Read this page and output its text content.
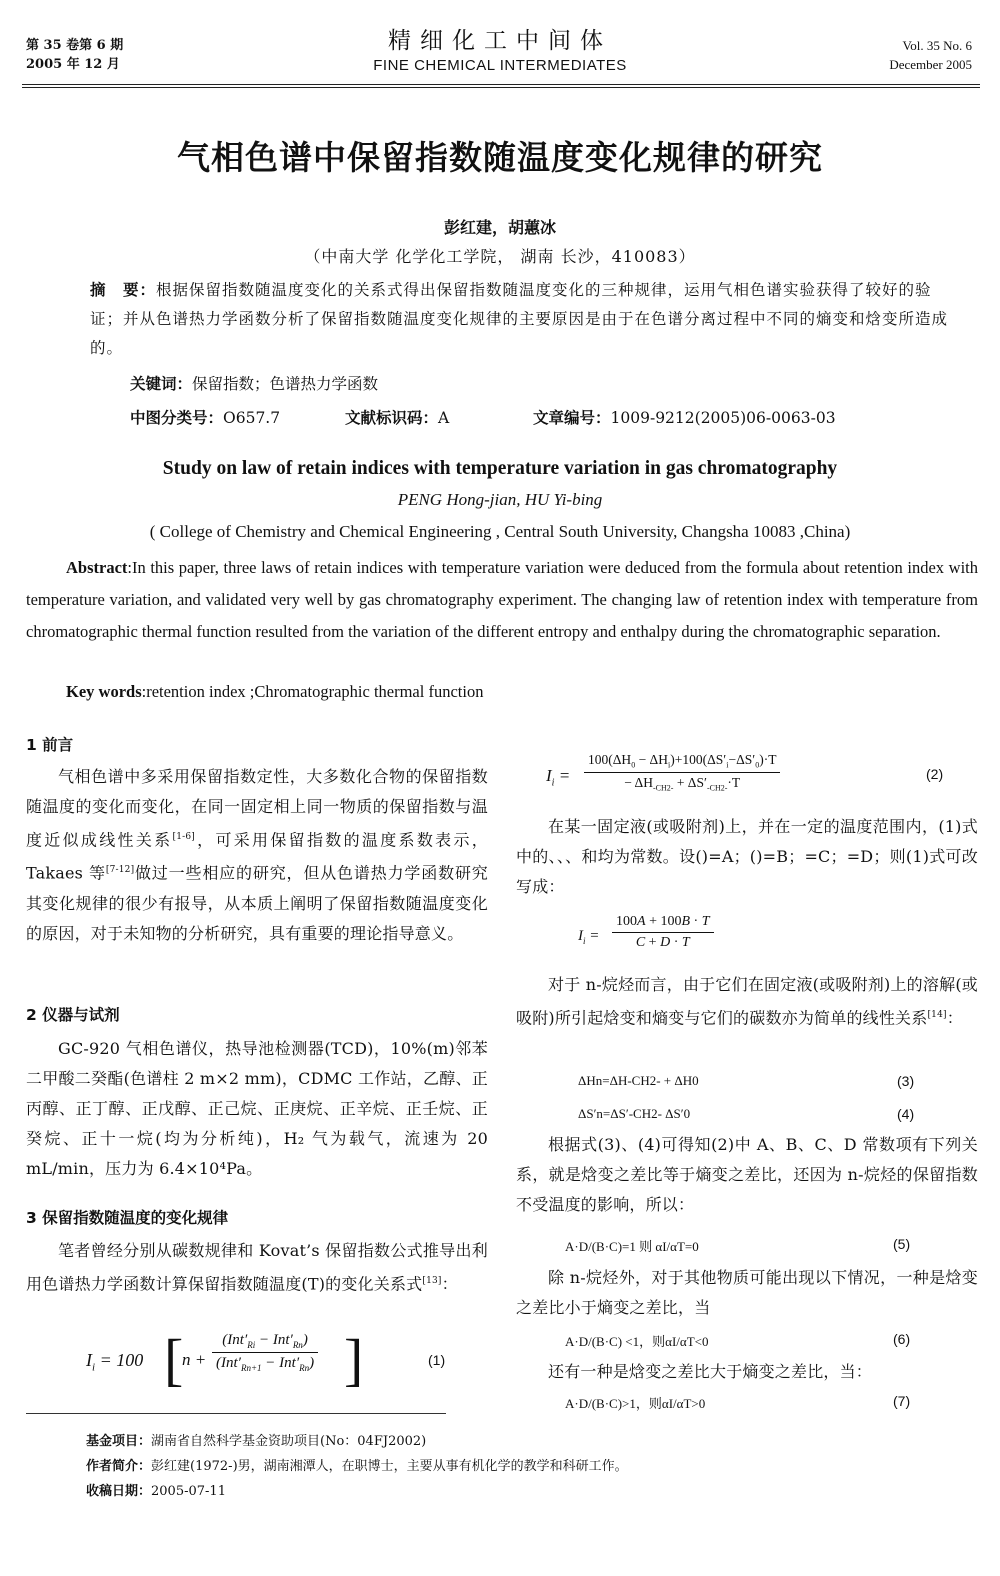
第 35 卷第 6 期
2005 年 12 月
精细化工中间体
FINE CHEMICAL INTERMEDIATES
Vol. 35 No. 6
December 2005
气相色谱中保留指数随温度变化规律的研究
彭红建，胡蕙冰
（中南大学 化学化工学院， 湖南 长沙，410083）
摘　要：根据保留指数随温度变化的关系式得出保留指数随温度变化的三种规律，运用气相色谱实验获得了较好的验证；并从色谱热力学函数分析了保留指数随温度变化规律的主要原因是由于在色谱分离过程中不同的熵变和焓变所造成的。
关键词：保留指数；色谱热力学函数
中图分类号：O657.7	文献标识码：A	文章编号：1009-9212(2005)06-0063-03
Study on law of retain indices with temperature variation in gas chromatography
PENG Hong-jian, HU Yi-bing
( College of Chemistry and Chemical Engineering , Central South University, Changsha 10083 ,China)
Abstract:In this paper, three laws of retain indices with temperature variation were deduced from the formula about retention index with temperature variation, and validated very well by gas chromatography experiment. The changing law of retention index with temperature from chromatographic thermal function resulted from the variation of the different entropy and enthalpy during the chromatographic separation.
Key words:retention index ;Chromatographic thermal function
1 前言
气相色谱中多采用保留指数定性，大多数化合物的保留指数随温度的变化而变化，在同一固定相上同一物质的保留指数与温度近似成线性关系[1-6]，可采用保留指数的温度系数表示，Takaes 等[7-12]做过一些相应的研究，但从色谱热力学函数研究其变化规律的很少有报导，从本质上阐明了保留指数随温度变化的原因，对于未知物的分析研究，具有重要的理论指导意义。
2 仪器与试剂
GC-920 气相色谱仪，热导池检测器(TCD)，10%(m)邻苯二甲酸二癸酯(色谱柱 2 m×2 mm)，CDMC 工作站，乙醇、正丙醇、正丁醇、正戊醇、正己烷、正庚烷、正辛烷、正壬烷、正癸烷、正十一烷(均为分析纯)，H₂ 气为载气，流速为 20 mL/min，压力为 6.4×10⁴Pa。
3 保留指数随温度的变化规律
笔者曾经分别从碳数规律和 Kovat’s 保留指数公式推导出利用色谱热力学函数计算保留指数随温度(T)的变化关系式[13]：
$I_i = 100$ [
n +
$(Int'_{Ri} - Int'_{Rn})$
$(Int'_{Rn+1} - Int'_{Rn})$ ]	(1)
$I_i$ =
$100(\Delta H_0 - \Delta H_i)+100(\Delta S'_i-\Delta S'_0)\cdot T$
− $\Delta H_{-CH2-} + \Delta S'_{-CH2-}\cdot T$
(2)
在某一固定液(或吸附剂)上，并在一定的温度范围内，(1)式中的、、、和均为常数。设()=A；()=B；=C；=D；则(1)式可改写成：
$I_i = \frac{100A + 100B \cdot T}{C + D \cdot T}$
对于 n-烷烃而言，由于它们在固定液(或吸附剂)上的溶解(或吸附)所引起焓变和熵变与它们的碳数亦为简单的线性关系[14]：
ΔHn=ΔH-CH2- + ΔH0	(3)
ΔS′n=ΔS′-CH2- ΔS′0	(4)
根据式(3)、(4)可得知(2)中 A、B、C、D 常数项有下列关系，就是焓变之差比等于熵变之差比，还因为 n-烷烃的保留指数不受温度的影响，所以：
A·D/(B·C)=1 则 αI/αT=0	(5)
除 n-烷烃外，对于其他物质可能出现以下情况，一种是焓变之差比小于熵变之差比，当
A·D/(B·C) <1，则αI/αT<0	(6)
还有一种是焓变之差比大于熵变之差比，当：
A·D/(B·C)>1，则αI/αT>0	(7)
基金项目：湖南省自然科学基金资助项目(No：04FJ2002)
作者简介：彭红建(1972-)男，湖南湘潭人，在职博士，主要从事有机化学的教学和科研工作。
收稿日期：2005-07-11
